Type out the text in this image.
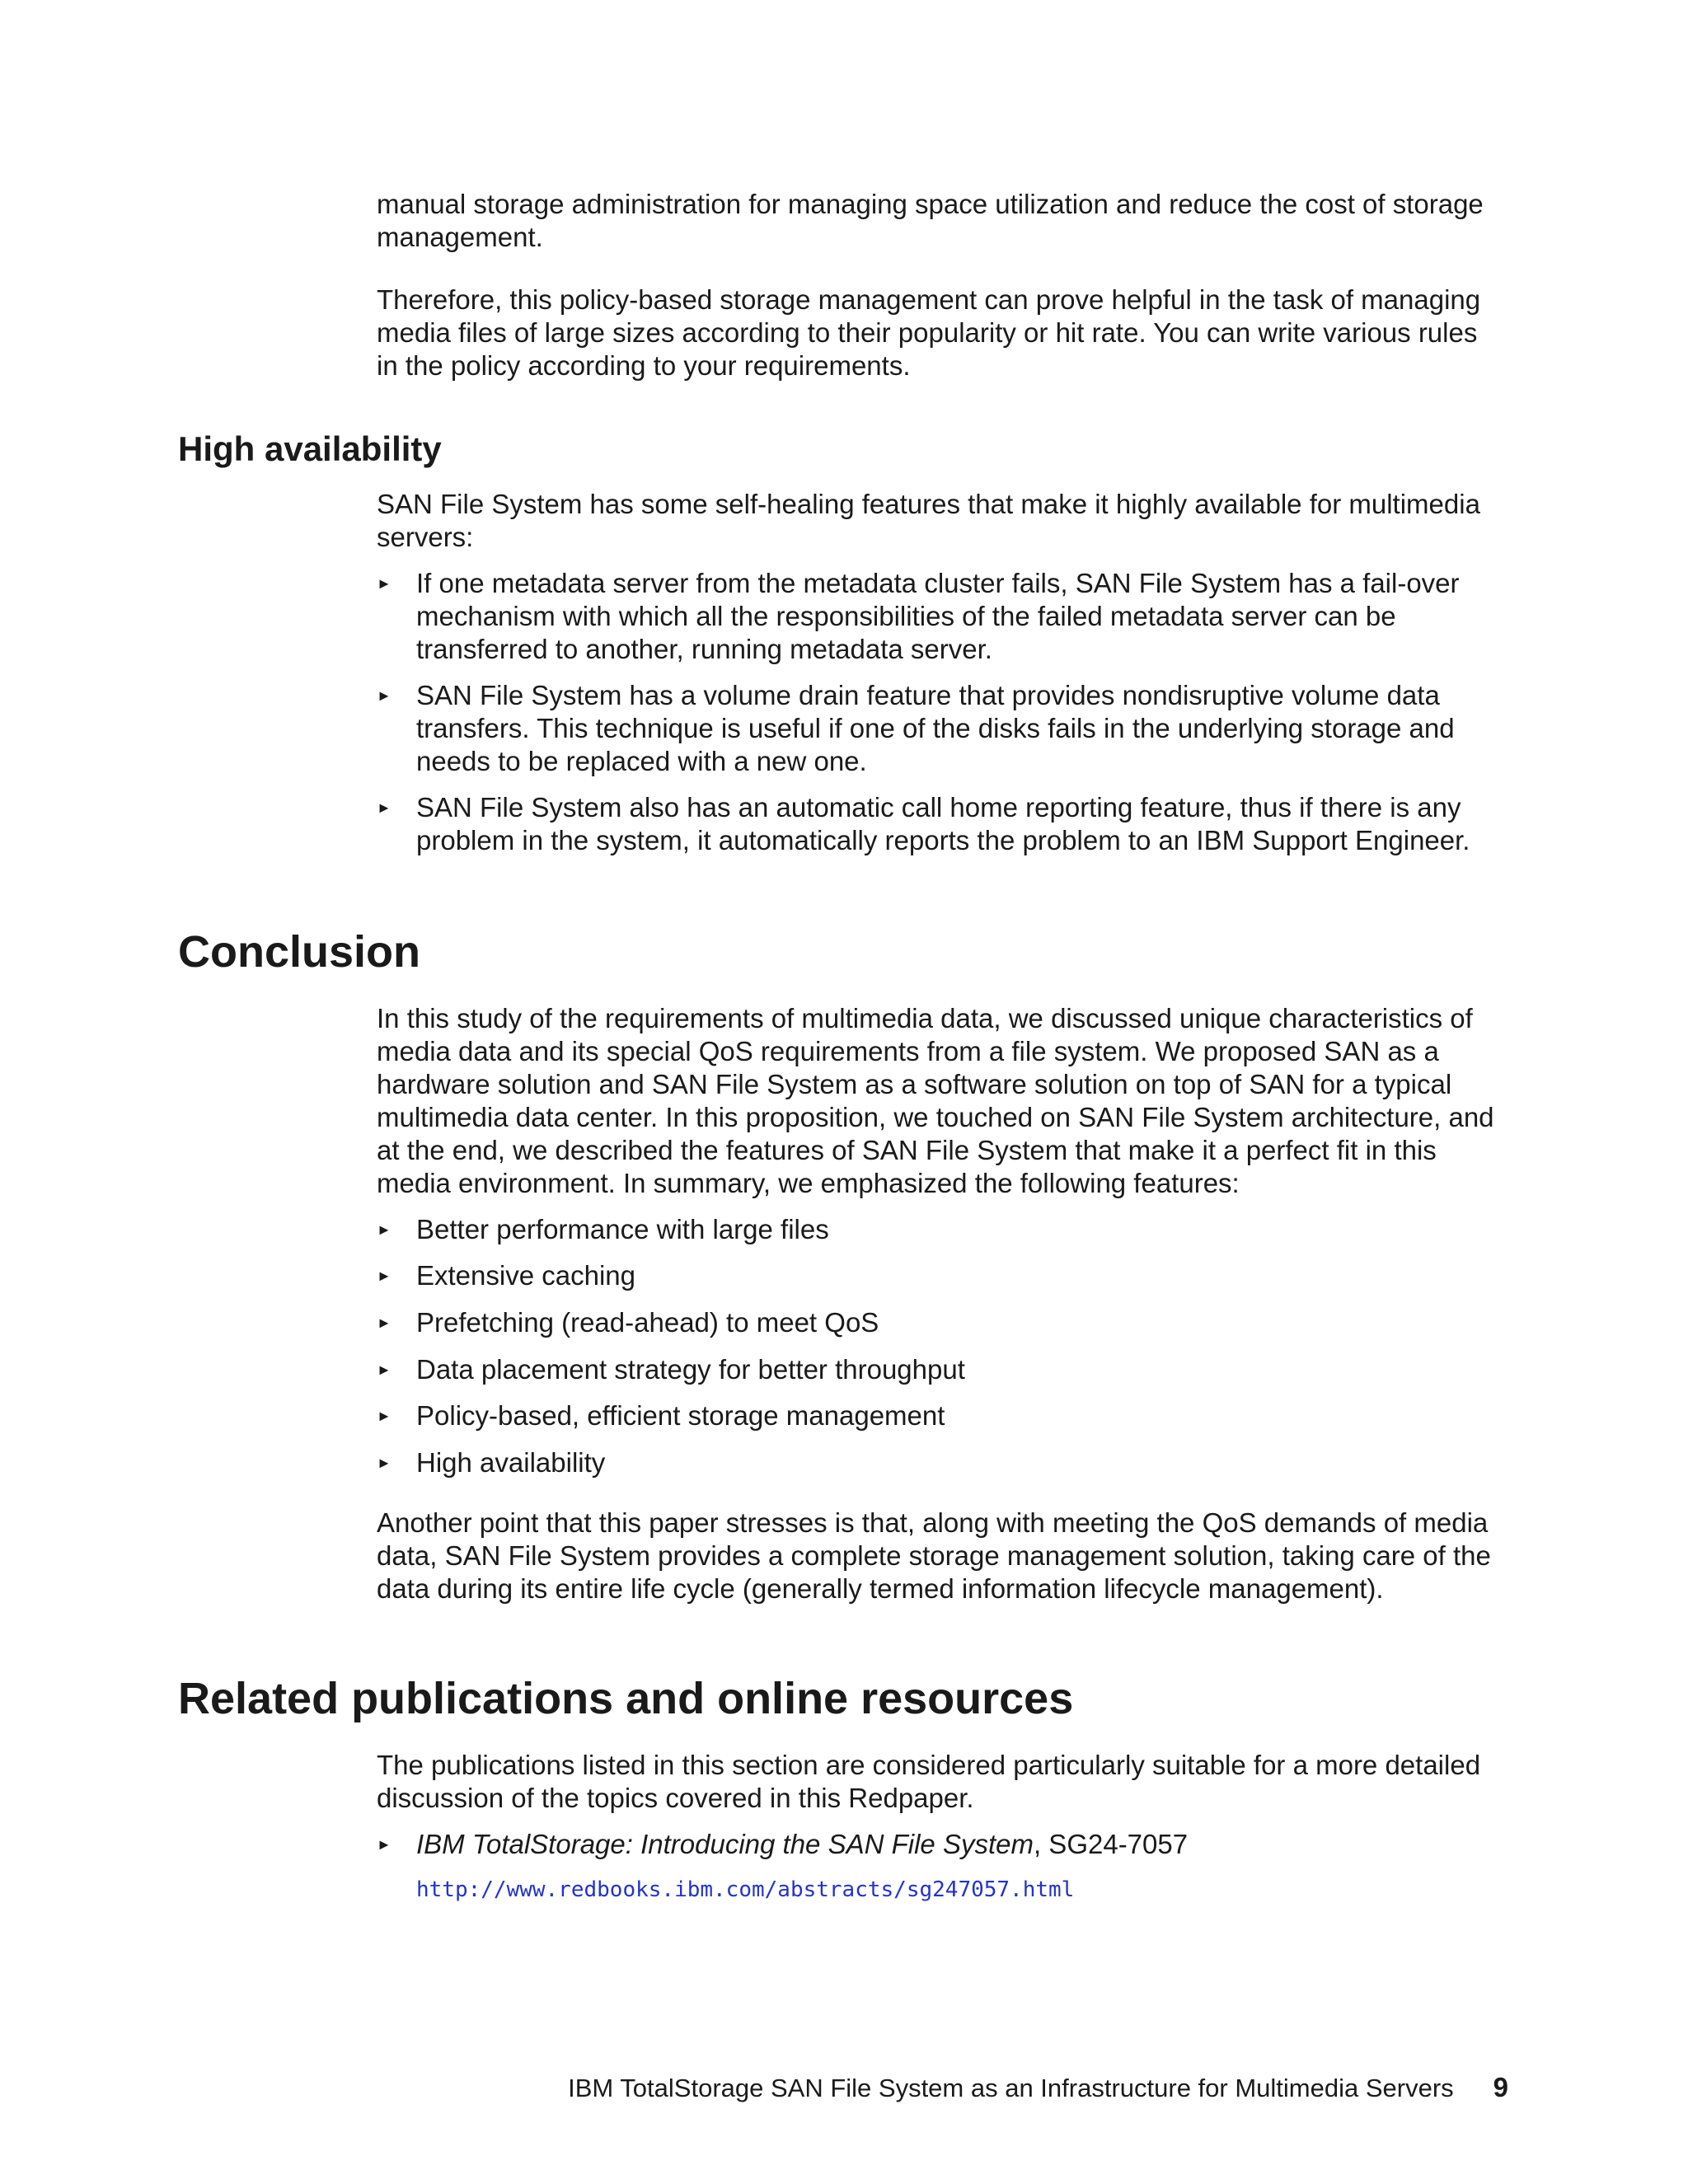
manual storage administration for managing space utilization and reduce the cost of storage management.

Therefore, this policy-based storage management can prove helpful in the task of managing media files of large sizes according to their popularity or hit rate. You can write various rules in the policy according to your requirements.

High availability

SAN File System has some self-healing features that make it highly available for multimedia servers:

► If one metadata server from the metadata cluster fails, SAN File System has a fail-over mechanism with which all the responsibilities of the failed metadata server can be transferred to another, running metadata server.
► SAN File System has a volume drain feature that provides nondisruptive volume data transfers. This technique is useful if one of the disks fails in the underlying storage and needs to be replaced with a new one.
► SAN File System also has an automatic call home reporting feature, thus if there is any problem in the system, it automatically reports the problem to an IBM Support Engineer.
Conclusion

In this study of the requirements of multimedia data, we discussed unique characteristics of media data and its special QoS requirements from a file system. We proposed SAN as a hardware solution and SAN File System as a software solution on top of SAN for a typical multimedia data center. In this proposition, we touched on SAN File System architecture, and at the end, we described the features of SAN File System that make it a perfect fit in this media environment. In summary, we emphasized the following features:

► Better performance with large files
► Extensive caching
► Prefetching (read-ahead) to meet QoS
► Data placement strategy for better throughput
► Policy-based, efficient storage management
► High availability

Another point that this paper stresses is that, along with meeting the QoS demands of media data, SAN File System provides a complete storage management solution, taking care of the data during its entire life cycle (generally termed information lifecycle management).

Related publications and online resources

The publications listed in this section are considered particularly suitable for a more detailed discussion of the topics covered in this Redpaper.

► IBM TotalStorage: Introducing the SAN File System, SG24-7057
http://www.redbooks.ibm.com/abstracts/sg247057.html
IBM TotalStorage SAN File System as an Infrastructure for Multimedia Servers 9
